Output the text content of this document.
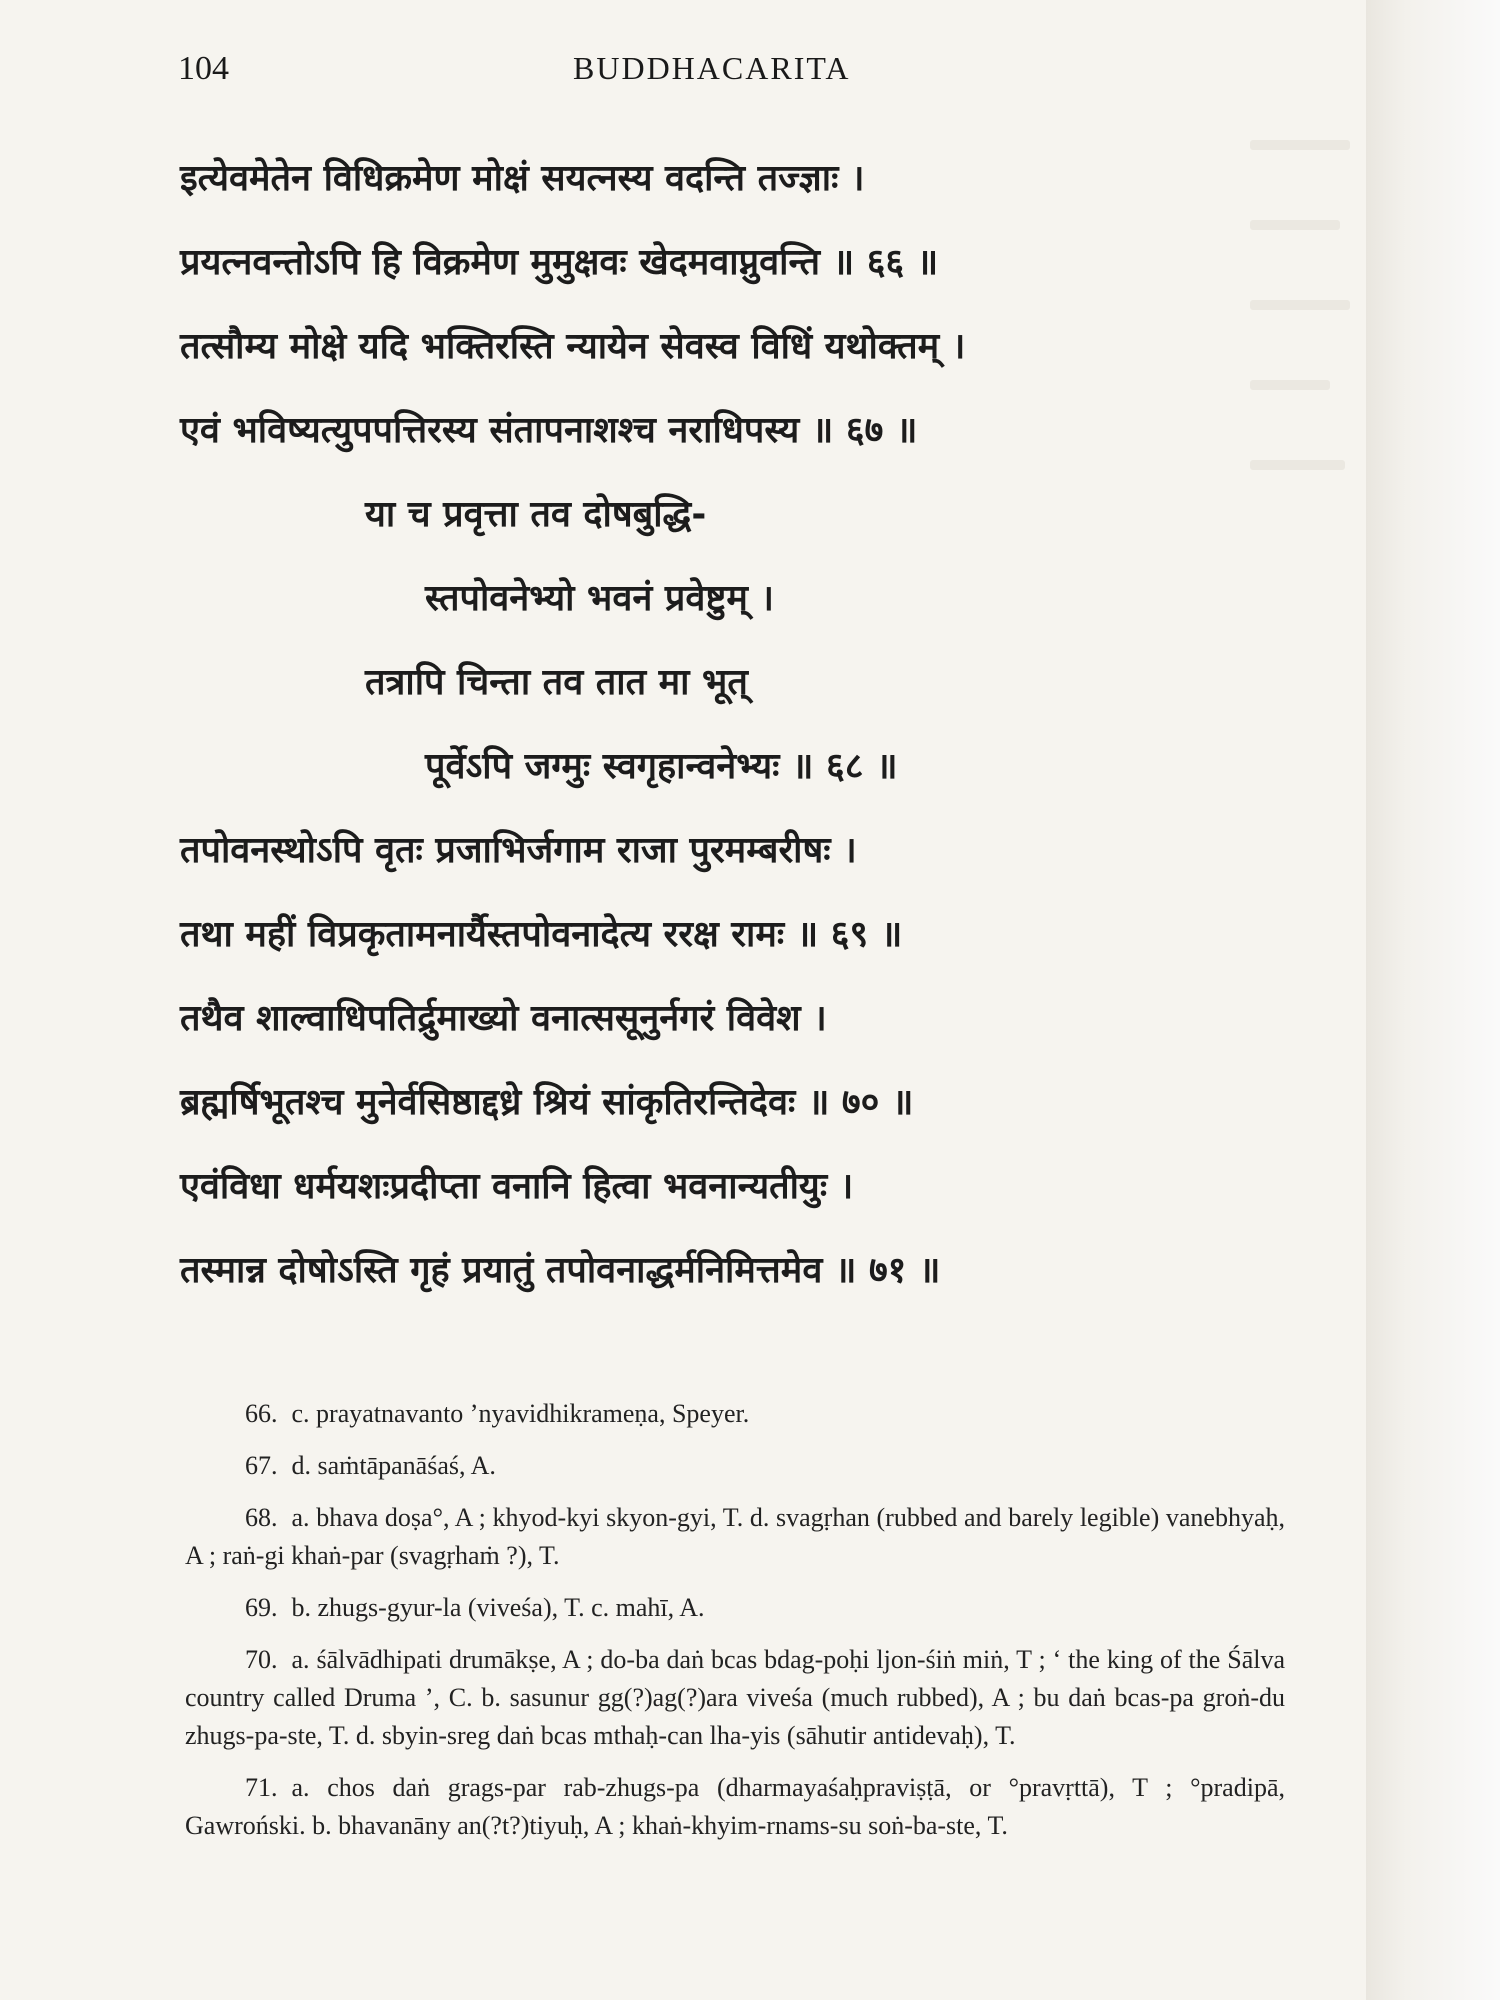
104	BUDDHACARITA
इत्येवमेतेन विधिक्रमेण मोक्षं सयत्नस्य वदन्ति तज्ज्ञाः ।
प्रयत्नवन्तोऽपि हि विक्रमेण मुमुक्षवः खेदमवाप्नुवन्ति ॥ ६६ ॥
तत्सौम्य मोक्षे यदि भक्तिरस्ति न्यायेन सेवस्व विधिं यथोक्तम् ।
एवं भविष्यत्युपपत्तिरस्य संतापनाशश्च नराधिपस्य ॥ ६७ ॥
या च प्रवृत्ता तव दोषबुद्धि-
स्तपोवनेभ्यो भवनं प्रवेष्टुम् ।
तत्रापि चिन्ता तव तात मा भूत्
पूर्वेऽपि जग्मुः स्वगृहान्वनेभ्यः ॥ ६८ ॥
तपोवनस्थोऽपि वृतः प्रजाभिर्जगाम राजा पुरमम्बरीषः ।
तथा महीं विप्रकृतामनार्यैस्तपोवनादेत्य ररक्ष रामः ॥ ६९ ॥
तथैव शाल्वाधिपतिर्द्रुमाख्यो वनात्ससूनुर्नगरं विवेश ।
ब्रह्मर्षिभूतश्च मुनेर्वसिष्ठाद्दध्रे श्रियं सांकृतिरन्तिदेवः ॥ ७० ॥
एवंविधा धर्मयशःप्रदीप्ता वनानि हित्वा भवनान्यतीयुः ।
तस्मान्न दोषोऽस्ति गृहं प्रयातुं तपोवनाद्धर्मनिमित्तमेव ॥ ७१ ॥

66. c. prayatnavanto ’nyavidhikrameṇa, Speyer.

67. d. saṁtāpanāśaś, A.

68. a. bhava doṣa°, A ; khyod-kyi skyon-gyi, T. d. svagṛhan (rubbed and barely legible) vanebhyaḥ, A ; raṅ-gi khaṅ-par (svagṛhaṁ ?), T.

69. b. zhugs-gyur-la (viveśa), T. c. mahī, A.

70. a. śālvādhipati drumākṣe, A ; do-ba daṅ bcas bdag-poḥi ljon-śiṅ miṅ, T ; ‘ the king of the Śālva country called Druma ’, C. b. sasunur gg(?)ag(?)ara viveśa (much rubbed), A ; bu daṅ bcas-pa groṅ-du zhugs-pa-ste, T. d. sbyin-sreg daṅ bcas mthaḥ-can lha-yis (sāhutir antidevaḥ), T.

71. a. chos daṅ grags-par rab-zhugs-pa (dharmayaśaḥpraviṣṭā, or °pravṛttā), T ; °pradipā, Gawroński. b. bhavanāny an(?t?)tiyuḥ, A ; khaṅ-khyim-rnams-su soṅ-ba-ste, T.
